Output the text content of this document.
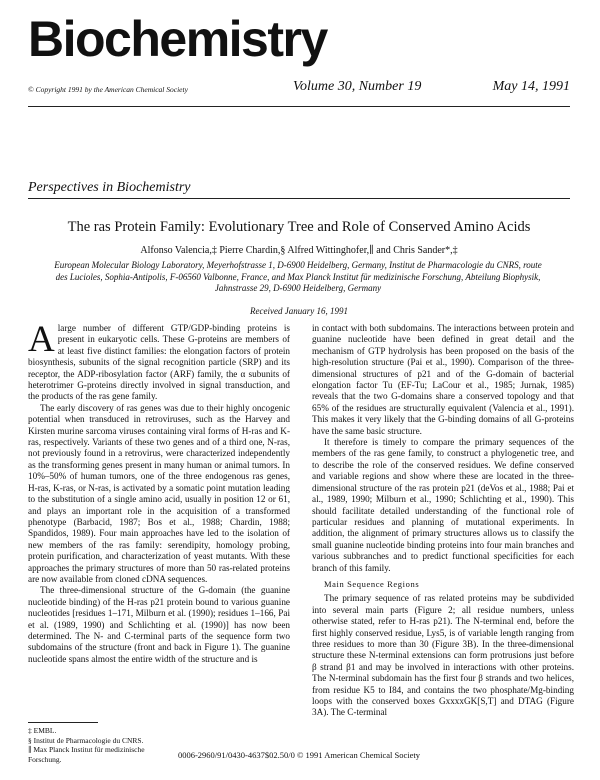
Biochemistry
© Copyright 1991 by the American Chemical Society	Volume 30, Number 19	May 14, 1991
Perspectives in Biochemistry
The ras Protein Family: Evolutionary Tree and Role of Conserved Amino Acids
Alfonso Valencia,‡ Pierre Chardin,§ Alfred Wittinghofer,∥ and Chris Sander*,‡
European Molecular Biology Laboratory, Meyerhofstrasse 1, D-6900 Heidelberg, Germany, Institut de Pharmacologie du CNRS, route des Lucioles, Sophia-Antipolis, F-06560 Valbonne, France, and Max Planck Institut für medizinische Forschung, Abteilung Biophysik, Jahnstrasse 29, D-6900 Heidelberg, Germany
Received January 16, 1991

A large number of different GTP/GDP-binding proteins is present in eukaryotic cells. These G-proteins are members of at least five distinct families: the elongation factors of protein biosynthesis, subunits of the signal recognition particle (SRP) and its receptor, the ADP-ribosylation factor (ARF) family, the α subunits of heterotrimer G-proteins directly involved in signal transduction, and the products of the ras gene family.

The early discovery of ras genes was due to their highly oncogenic potential when transduced in retroviruses, such as the Harvey and Kirsten murine sarcoma viruses containing viral forms of H-ras and K-ras, respectively. Variants of these two genes and of a third one, N-ras, not previously found in a retrovirus, were characterized independently as the transforming genes present in many human or animal tumors. In 10%–50% of human tumors, one of the three endogenous ras genes, H-ras, K-ras, or N-ras, is activated by a somatic point mutation leading to the substitution of a single amino acid, usually in position 12 or 61, and plays an important role in the acquisition of a transformed phenotype (Barbacid, 1987; Bos et al., 1988; Chardin, 1988; Spandidos, 1989). Four main approaches have led to the isolation of new members of the ras family: serendipity, homology probing, protein purification, and characterization of yeast mutants. With these approaches the primary structures of more than 50 ras-related proteins are now available from cloned cDNA sequences.

The three-dimensional structure of the G-domain (the guanine nucleotide binding) of the H-ras p21 protein bound to various guanine nucleotides [residues 1–171, Milburn et al. (1990); residues 1–166, Pai et al. (1989, 1990) and Schlichting et al. (1990)] has now been determined. The N- and C-terminal parts of the sequence form two subdomains of the structure (front and back in Figure 1). The guanine nucleotide spans almost the entire width of the structure and is

in contact with both subdomains. The interactions between protein and guanine nucleotide have been defined in great detail and the mechanism of GTP hydrolysis has been proposed on the basis of the high-resolution structure (Pai et al., 1990). Comparison of the three-dimensional structures of p21 and of the G-domain of bacterial elongation factor Tu (EF-Tu; LaCour et al., 1985; Jurnak, 1985) reveals that the two G-domains share a conserved topology and that 65% of the residues are structurally equivalent (Valencia et al., 1991). This makes it very likely that the G-binding domains of all G-proteins have the same basic structure.

It therefore is timely to compare the primary sequences of the members of the ras gene family, to construct a phylogenetic tree, and to describe the role of the conserved residues. We define conserved and variable regions and show where these are located in the three-dimensional structure of the ras protein p21 (deVos et al., 1988; Pai et al., 1989, 1990; Milburn et al., 1990; Schlichting et al., 1990). This should facilitate detailed understanding of the functional role of particular residues and planning of mutational experiments. In addition, the alignment of primary structures allows us to classify the small guanine nucleotide binding proteins into four main branches and various subbranches and to predict functional specificities for each branch of this family.

Main Sequence Regions

The primary sequence of ras related proteins may be subdivided into several main parts (Figure 2; all residue numbers, unless otherwise stated, refer to H-ras p21). The N-terminal end, before the first highly conserved residue, Lys5, is of variable length ranging from three residues to more than 30 (Figure 3B). In the three-dimensional structure these N-terminal extensions can form protrusions just before β strand β1 and may be involved in interactions with other proteins. The N-terminal subdomain has the first four β strands and two helices, from residue K5 to I84, and contains the two phosphate/Mg-binding loops with the conserved boxes GxxxxGK[S,T] and DTAG (Figure 3A). The C-terminal

‡ EMBL.
§ Institut de Pharmacologie du CNRS.
∥ Max Planck Institut für medizinische Forschung.	0006-2960/91/0430-4637$02.50/0 © 1991 American Chemical Society
